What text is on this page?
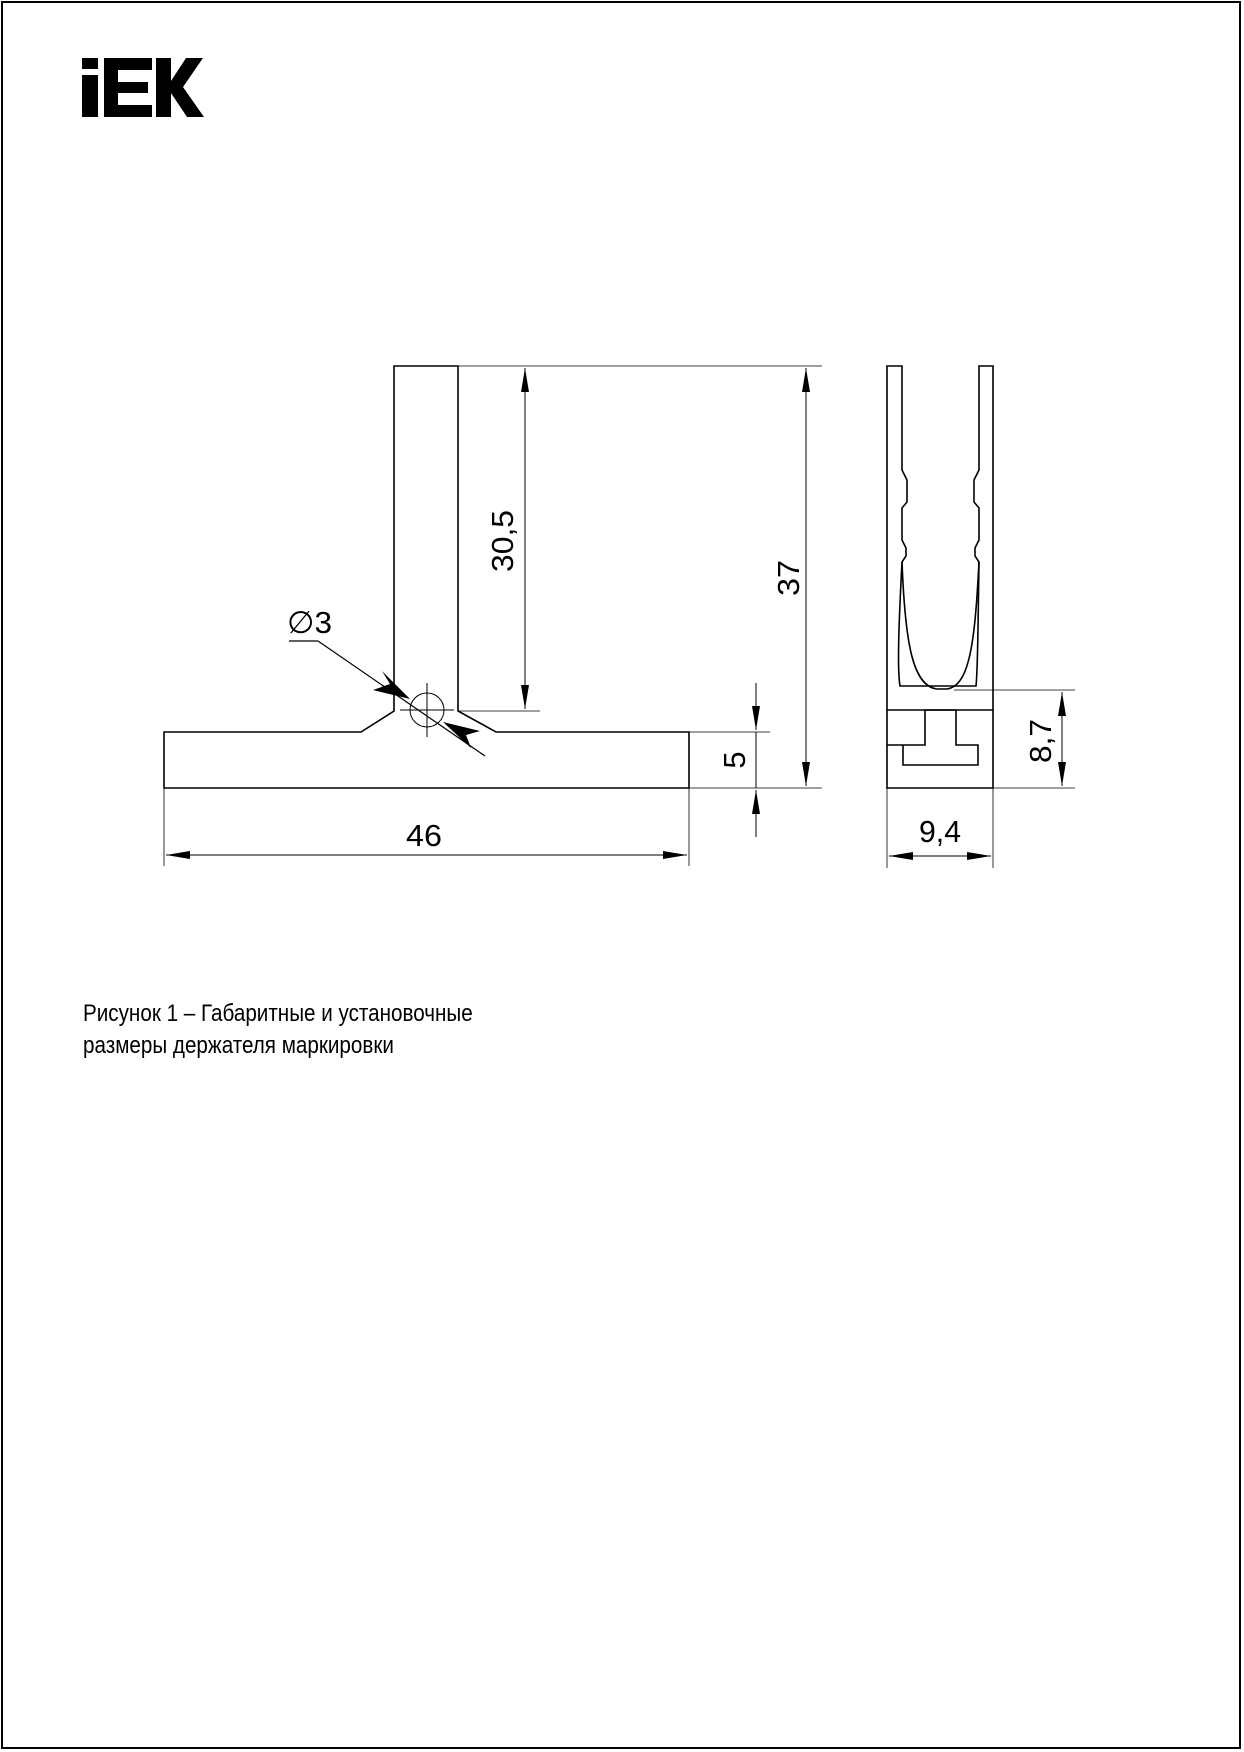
46
30,5
37
5
∅3
9,4
8,7
Рисунок 1 – Габаритные и установочные
размеры держателя маркировки
